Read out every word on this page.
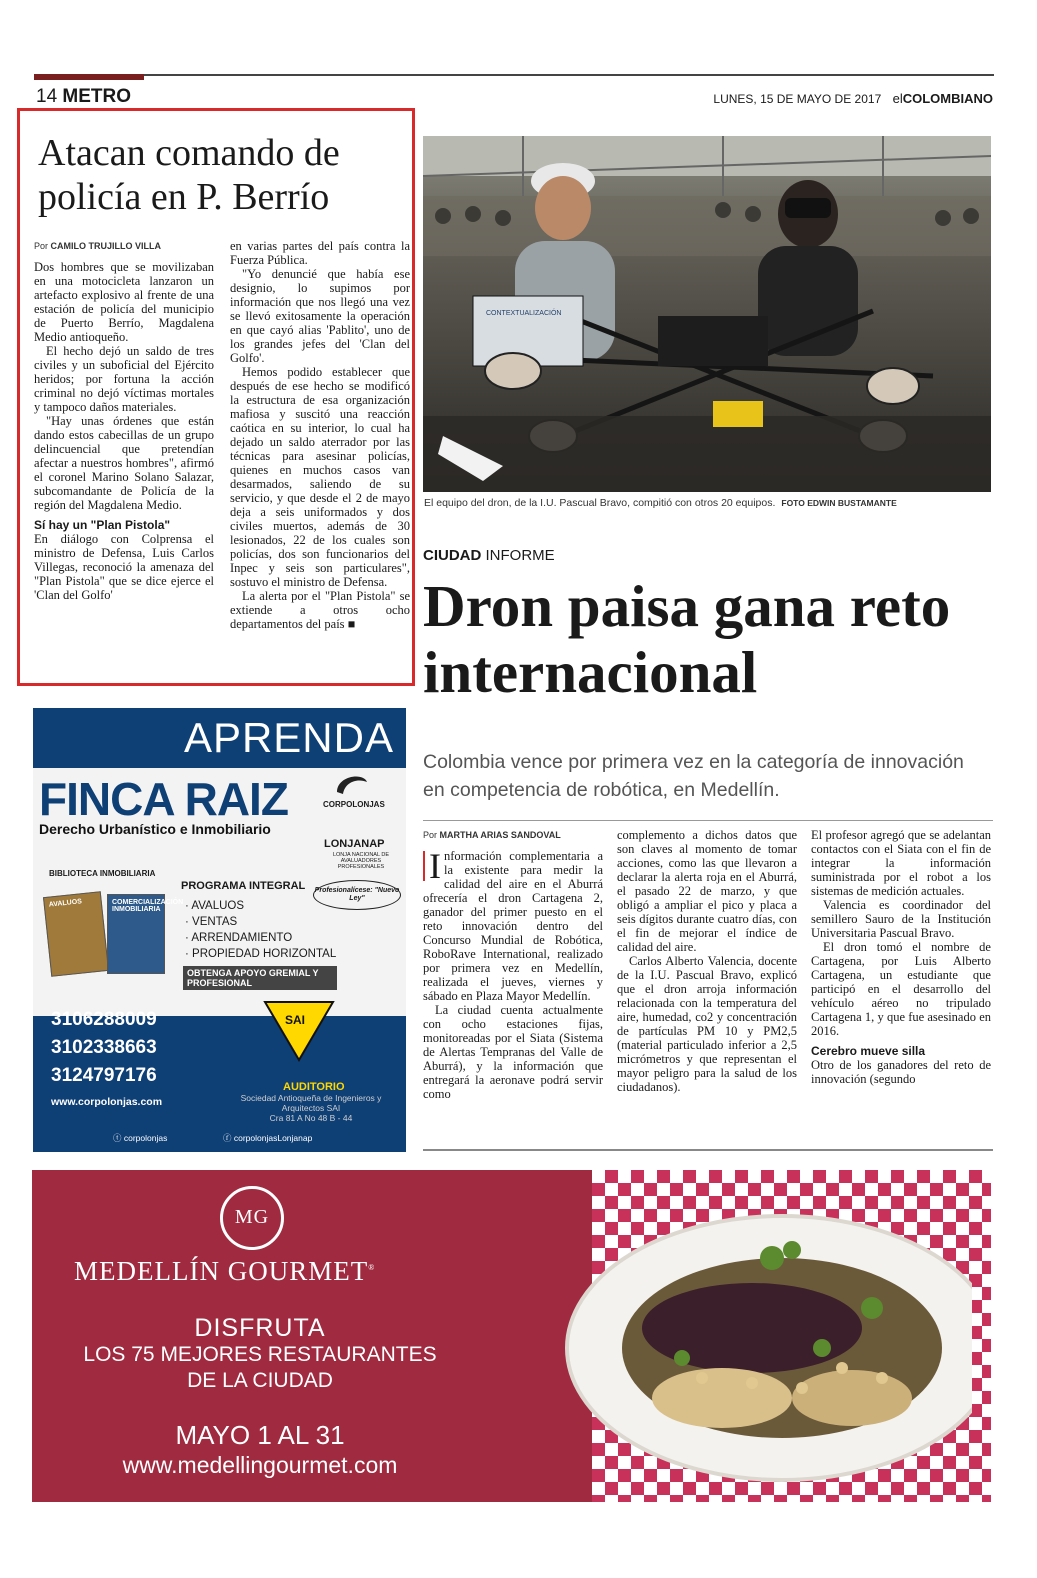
14 METRO	LUNES, 15 DE MAYO DE 2017 elCOLOMBIANO
Atacan comando de policía en P. Berrío
Por CAMILO TRUJILLO VILLA

Dos hombres que se movilizaban en una motocicleta lanzaron un artefacto explosivo al frente de una estación de policía del municipio de Puerto Berrío, Magdalena Medio antioqueño.

El hecho dejó un saldo de tres civiles y un suboficial del Ejército heridos; por fortuna la acción criminal no dejó víctimas mortales y tampoco daños materiales.

"Hay unas órdenes que están dando estos cabecillas de un grupo delincuencial que pretendían afectar a nuestros hombres", afirmó el coronel Marino Solano Salazar, subcomandante de Policía de la región del Magdalena Medio.

Sí hay un "Plan Pistola"

En diálogo con Colprensa el ministro de Defensa, Luis Carlos Villegas, reconoció la amenaza del "Plan Pistola" que se dice ejerce el 'Clan del Golfo'

en varias partes del país contra la Fuerza Pública.

"Yo denuncié que había ese designio, lo supimos por información que nos llegó una vez se llevó exitosamente la operación en que cayó alias 'Pablito', uno de los grandes jefes del 'Clan del Golfo'.

Hemos podido establecer que después de ese hecho se modificó la estructura de esa organización mafiosa y suscitó una reacción caótica en su interior, lo cual ha dejado un saldo aterrador por las técnicas para asesinar policías, quienes en muchos casos van desarmados, saliendo de su servicio, y que desde el 2 de mayo deja a seis uniformados y dos civiles muertos, además de 30 lesionados, 22 de los cuales son policías, dos son funcionarios del Inpec y seis son particulares", sostuvo el ministro de Defensa.

La alerta por el "Plan Pistola" se extiende a otros ocho departamentos del país ■

CONTEXTUALIZACIÓN
El equipo del dron, de la I.U. Pascual Bravo, compitió con otros 20 equipos. FOTO EDWIN BUSTAMANTE
CIUDAD INFORME
Dron paisa gana reto internacional
Colombia vence por primera vez en la categoría de innovación en competencia de robótica, en Medellín.
Por MARTHA ARIAS SANDOVAL

I nformación complementaria a la existente para medir la calidad del aire en el Aburrá ofrecería el dron Cartagena 2, ganador del primer puesto en el reto innovación dentro del Concurso Mundial de Robótica, RoboRave International, realizado por primera vez en Medellín, realizada el jueves, viernes y sábado en Plaza Mayor Medellín.

La ciudad cuenta actualmente con ocho estaciones fijas, monitoreadas por el Siata (Sistema de Alertas Tempranas del Valle de Aburrá), y la información que entregará la aeronave podrá servir como

complemento a dichos datos que son claves al momento de tomar acciones, como las que llevaron a declarar la alerta roja en el Aburrá, el pasado 22 de marzo, y que obligó a ampliar el pico y placa a seis dígitos durante cuatro días, con el fin de mejorar el índice de calidad del aire.

Carlos Alberto Valencia, docente de la I.U. Pascual Bravo, explicó que el dron arroja información relacionada con la temperatura del aire, humedad, co2 y concentración de partículas PM 10 y PM2,5 (material particulado inferior a 2,5 micrómetros y que representan el mayor peligro para la salud de los ciudadanos).

El profesor agregó que se adelantan contactos con el Siata con el fin de integrar la información suministrada por el robot a los sistemas de medición actuales.

Valencia es coordinador del semillero Sauro de la Institución Universitaria Pascual Bravo.

El dron tomó el nombre de Cartagena, por Luis Alberto Cartagena, un estudiante que participó en el desarrollo del vehículo aéreo no tripulado Cartagena 1, y que fue asesinado en 2016.

Cerebro mueve silla

Otro de los ganadores del reto de innovación (segundo

APRENDA
FINCA RAIZ
Derecho Urbanístico e Inmobiliario
CORPOLONJAS
LONJANAP
LONJA NACIONAL DE AVALUADORES PROFESIONALES
Profesionalícese: "Nuevo Ley"
BIBLIOTECA INMOBILIARIA
AVALUOS	COMERCIALIZACIÓN INMOBILIARIA
PROGRAMA INTEGRAL
· AVALUOS
· VENTAS
· ARRENDAMIENTO
· PROPIEDAD HORIZONTAL
OBTENGA APOYO GREMIAL Y PROFESIONAL
3106288009
3102338663
3124797176
www.corpolonjas.com
SAI
AUDITORIO
Sociedad Antioqueña de Ingenieros y Arquitectos SAI
Cra 81 A No 48 B - 44
ⓣ corpolonjas	ⓕ corpolonjasLonjanap
MG
MEDELLÍN GOURMET®
DISFRUTA
LOS 75 MEJORES RESTAURANTES
DE LA CIUDAD
MAYO 1 AL 31
www.medellingourmet.com
